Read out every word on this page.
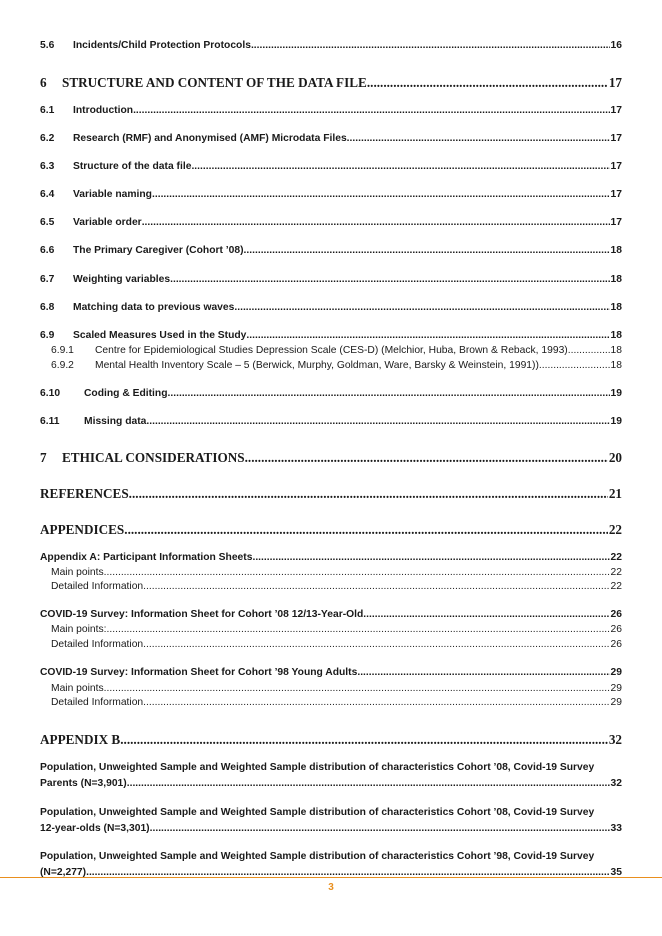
5.6	Incidents/Child Protection Protocols .....	16
6	STRUCTURE AND CONTENT OF THE DATA FILE .....	17
6.1	Introduction .....	17
6.2	Research (RMF) and Anonymised (AMF) Microdata Files .....	17
6.3	Structure of the data file .....	17
6.4	Variable naming .....	17
6.5	Variable order .....	17
6.6	The Primary Caregiver (Cohort ’08) .....	18
6.7	Weighting variables .....	18
6.8	Matching data to previous waves .....	18
6.9	Scaled Measures Used in the Study .....	18
6.9.1	Centre for Epidemiological Studies Depression Scale (CES-D) (Melchior, Huba, Brown & Reback, 1993) .....	18
6.9.2	Mental Health Inventory Scale – 5 (Berwick, Murphy, Goldman, Ware, Barsky & Weinstein, 1991)) .....	18
6.10	Coding & Editing .....	19
6.11	Missing data .....	19
7	ETHICAL CONSIDERATIONS .....	20
REFERENCES .....	21
APPENDICES .....	22
Appendix A: Participant Information Sheets .....	22
Main points .....	22
Detailed Information .....	22
COVID-19 Survey: Information Sheet for Cohort ’08 12/13-Year-Old .....	26
Main points: .....	26
Detailed Information .....	26
COVID-19 Survey: Information Sheet for Cohort ’98 Young Adults .....	29
Main points .....	29
Detailed Information .....	29
APPENDIX B .....	32
Population, Unweighted Sample and Weighted Sample distribution of characteristics Cohort ’08, Covid-19 Survey
Parents (N=3,901) .....	32
Population, Unweighted Sample and Weighted Sample distribution of characteristics Cohort ’08, Covid-19 Survey
12-year-olds (N=3,301) .....	33
Population, Unweighted Sample and Weighted Sample distribution of characteristics Cohort ’98, Covid-19 Survey
(N=2,277) .....	35
3
